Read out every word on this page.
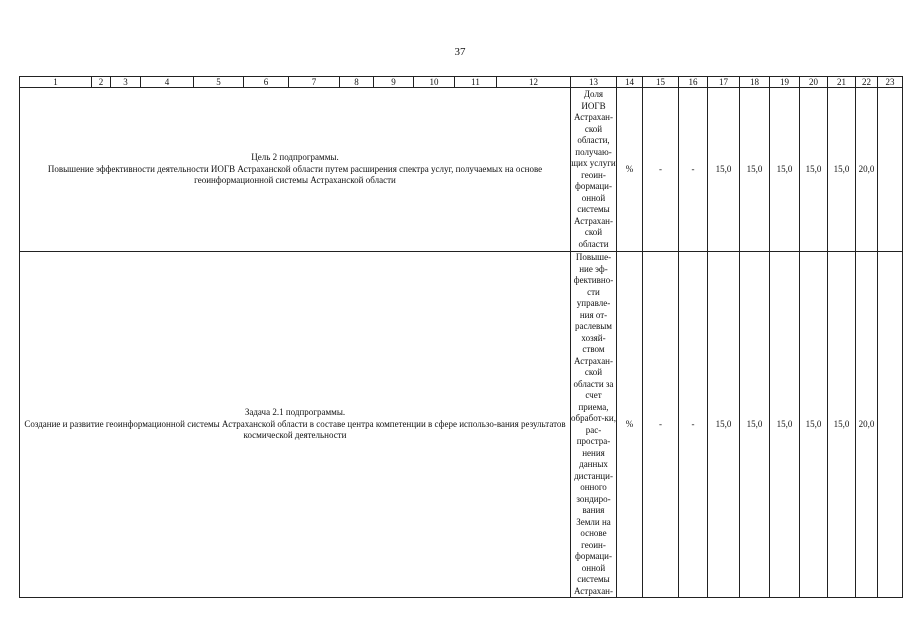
37
1	2	3	4	5	6	7	8	9	10	11	12	13	14	15	16	17	18	19	20	21	22	23

Цель 2 подпрограммы.
Повышение эффективности деятельности ИОГВ Астраханской области путем расширения спектра услуг, получаемых на основе геоинформационной системы Астраханской области												Доля ИОГВ Астрахан-ской области, получаю-щих услуги геоин-формаци-онной системы Астрахан-ской области	%	-	-	15,0	15,0	15,0	15,0	15,0	20,0	

Задача 2.1 подпрограммы.
Создание и развитие геоинформационной системы Астраханской области в составе центра компетенции в сфере использо-вания результатов космической деятельности												Повыше-ние эф-фективно-сти управле-ния от-раслевым хозяй-ством Астрахан-ской области за счет приема, обработ-ки, рас-простра-нения данных дистанци-онного зондиро-вания Земли на основе геоин-формаци-онной системы Астрахан-	%	-	-	15,0	15,0	15,0	15,0	15,0	20,0	
